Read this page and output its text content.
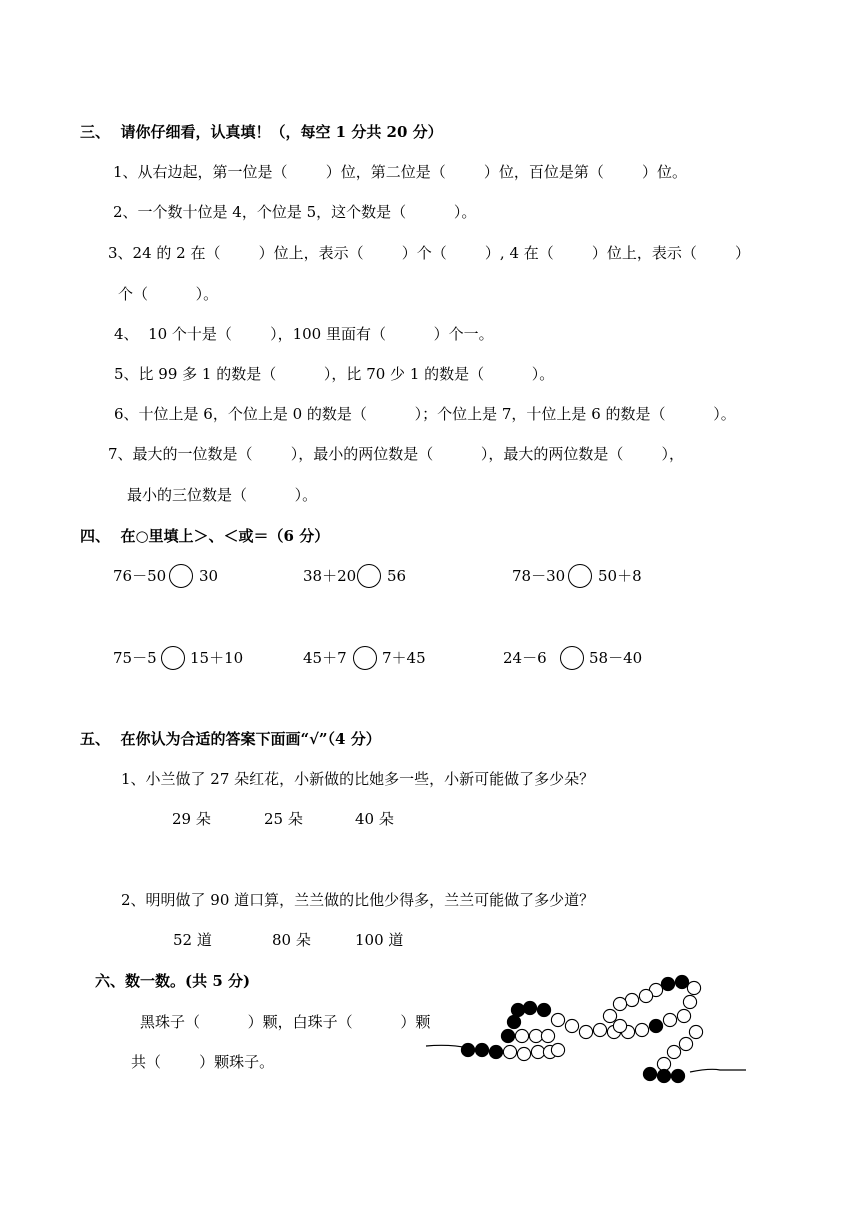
三、  请你仔细看，认真填！（，每空 1 分共 20 分）
1、从右边起，第一位是（        ）位，第二位是（        ）位，百位是第（        ）位。
2、一个数十位是 4，个位是 5，这个数是（          ）。
3、24 的 2 在（        ）位上，表示（        ）个（        ）, 4 在（        ）位上，表示（        ）
个（          ）。
4、  10 个十是（        ），100 里面有（          ）个一。
5、比 99 多 1 的数是（          ），比 70 少 1 的数是（          ）。
6、十位上是 6，个位上是 0 的数是（          ）；个位上是 7，十位上是 6 的数是（          ）。
7、最大的一位数是（        ），最小的两位数是（          ），最大的两位数是（        ），
最小的三位数是（          ）。
四、  在○里填上＞、＜或＝（6 分）
76－50 30	38＋20 56	78－30 50＋8
75－5 15＋10	45＋7 7＋45	24－6	58－40
五、  在你认为合适的答案下面画“√”（4 分）
1、小兰做了 27 朵红花，小新做的比她多一些，小新可能做了多少朵？
29 朵	25 朵	40 朵
2、明明做了 90 道口算，兰兰做的比他少得多，兰兰可能做了多少道？
52 道	80 朵	100 道
六、数一数。(共 5 分)
黑珠子（          ）颗，白珠子（          ）颗
共（        ）颗珠子。
